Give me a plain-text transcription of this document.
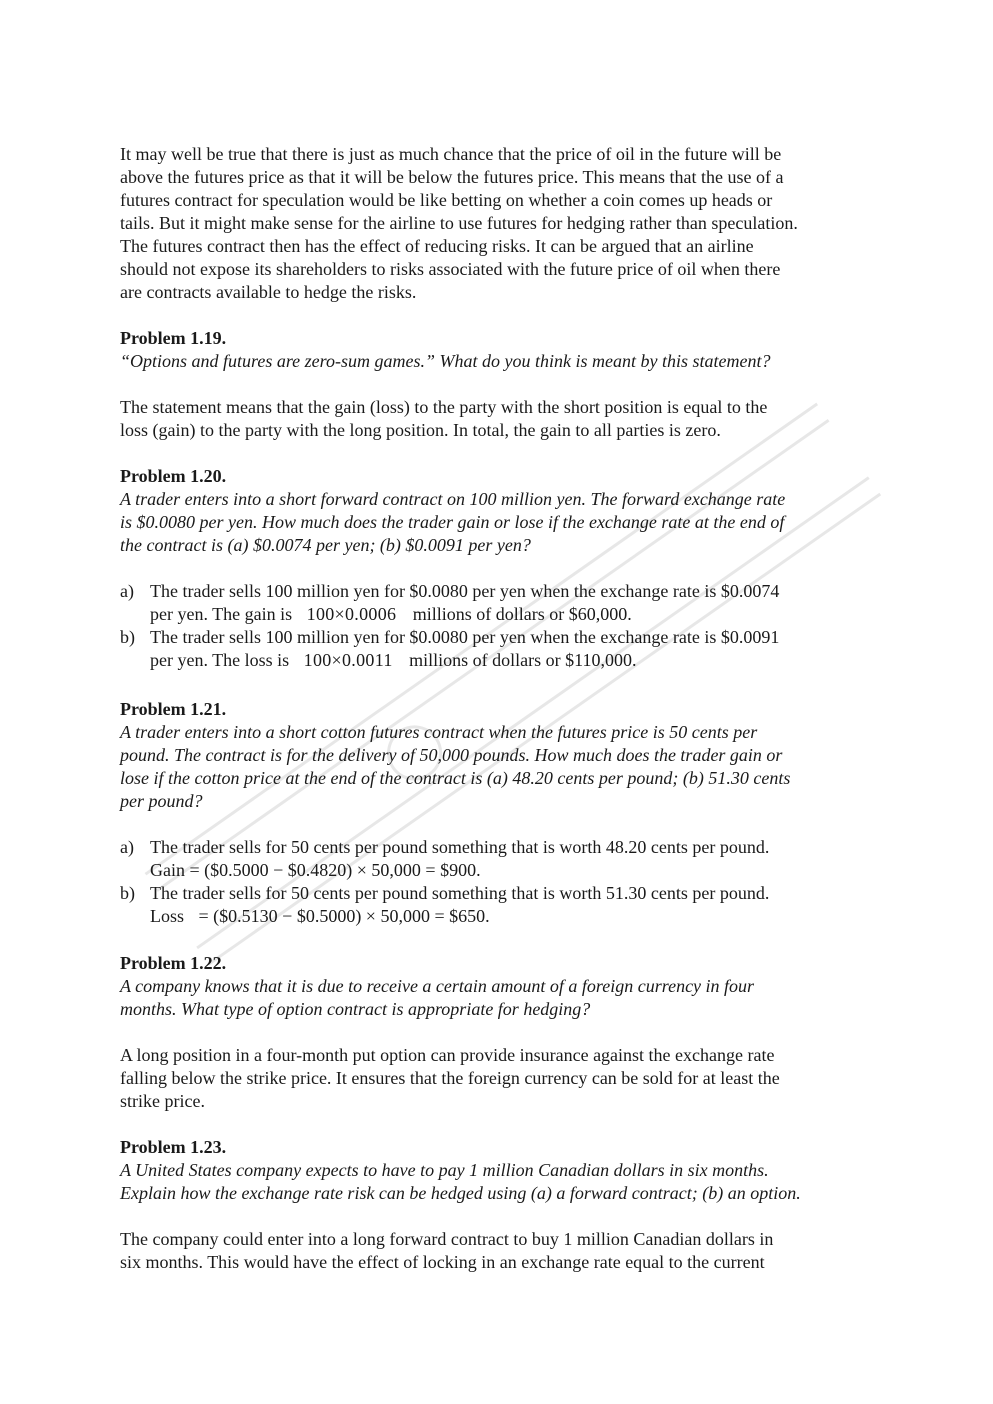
It may well be true that there is just as much chance that the price of oil in the future will be
above the futures price as that it will be below the futures price. This means that the use of a
futures contract for speculation would be like betting on whether a coin comes up heads or
tails. But it might make sense for the airline to use futures for hedging rather than speculation.
The futures contract then has the effect of reducing risks. It can be argued that an airline
should not expose its shareholders to risks associated with the future price of oil when there
are contracts available to hedge the risks.
Problem 1.19.
“Options and futures are zero-sum games.” What do you think is meant by this statement?
The statement means that the gain (loss) to the party with the short position is equal to the
loss (gain) to the party with the long position. In total, the gain to all parties is zero.
Problem 1.20.
A trader enters into a short forward contract on 100 million yen. The forward exchange rate
is $0.0080 per yen. How much does the trader gain or lose if the exchange rate at the end of
the contract is (a) $0.0074 per yen; (b) $0.0091 per yen?
a) The trader sells 100 million yen for $0.0080 per yen when the exchange rate is $0.0074
per yen. The gain is 100×0.0006 millions of dollars or $60,000.
b) The trader sells 100 million yen for $0.0080 per yen when the exchange rate is $0.0091
per yen. The loss is 100×0.0011 millions of dollars or $110,000.
Problem 1.21.
A trader enters into a short cotton futures contract when the futures price is 50 cents per
pound. The contract is for the delivery of 50,000 pounds. How much does the trader gain or
lose if the cotton price at the end of the contract is (a) 48.20 cents per pound; (b) 51.30 cents
per pound?
a) The trader sells for 50 cents per pound something that is worth 48.20 cents per pound.
Gain = ($0.5000 − $0.4820) × 50,000 = $900.
b) The trader sells for 50 cents per pound something that is worth 51.30 cents per pound.
Loss = ($0.5130 − $0.5000) × 50,000 = $650.
Problem 1.22.
A company knows that it is due to receive a certain amount of a foreign currency in four
months. What type of option contract is appropriate for hedging?
A long position in a four-month put option can provide insurance against the exchange rate
falling below the strike price. It ensures that the foreign currency can be sold for at least the
strike price.
Problem 1.23.
A United States company expects to have to pay 1 million Canadian dollars in six months.
Explain how the exchange rate risk can be hedged using (a) a forward contract; (b) an option.
The company could enter into a long forward contract to buy 1 million Canadian dollars in
six months. This would have the effect of locking in an exchange rate equal to the current
